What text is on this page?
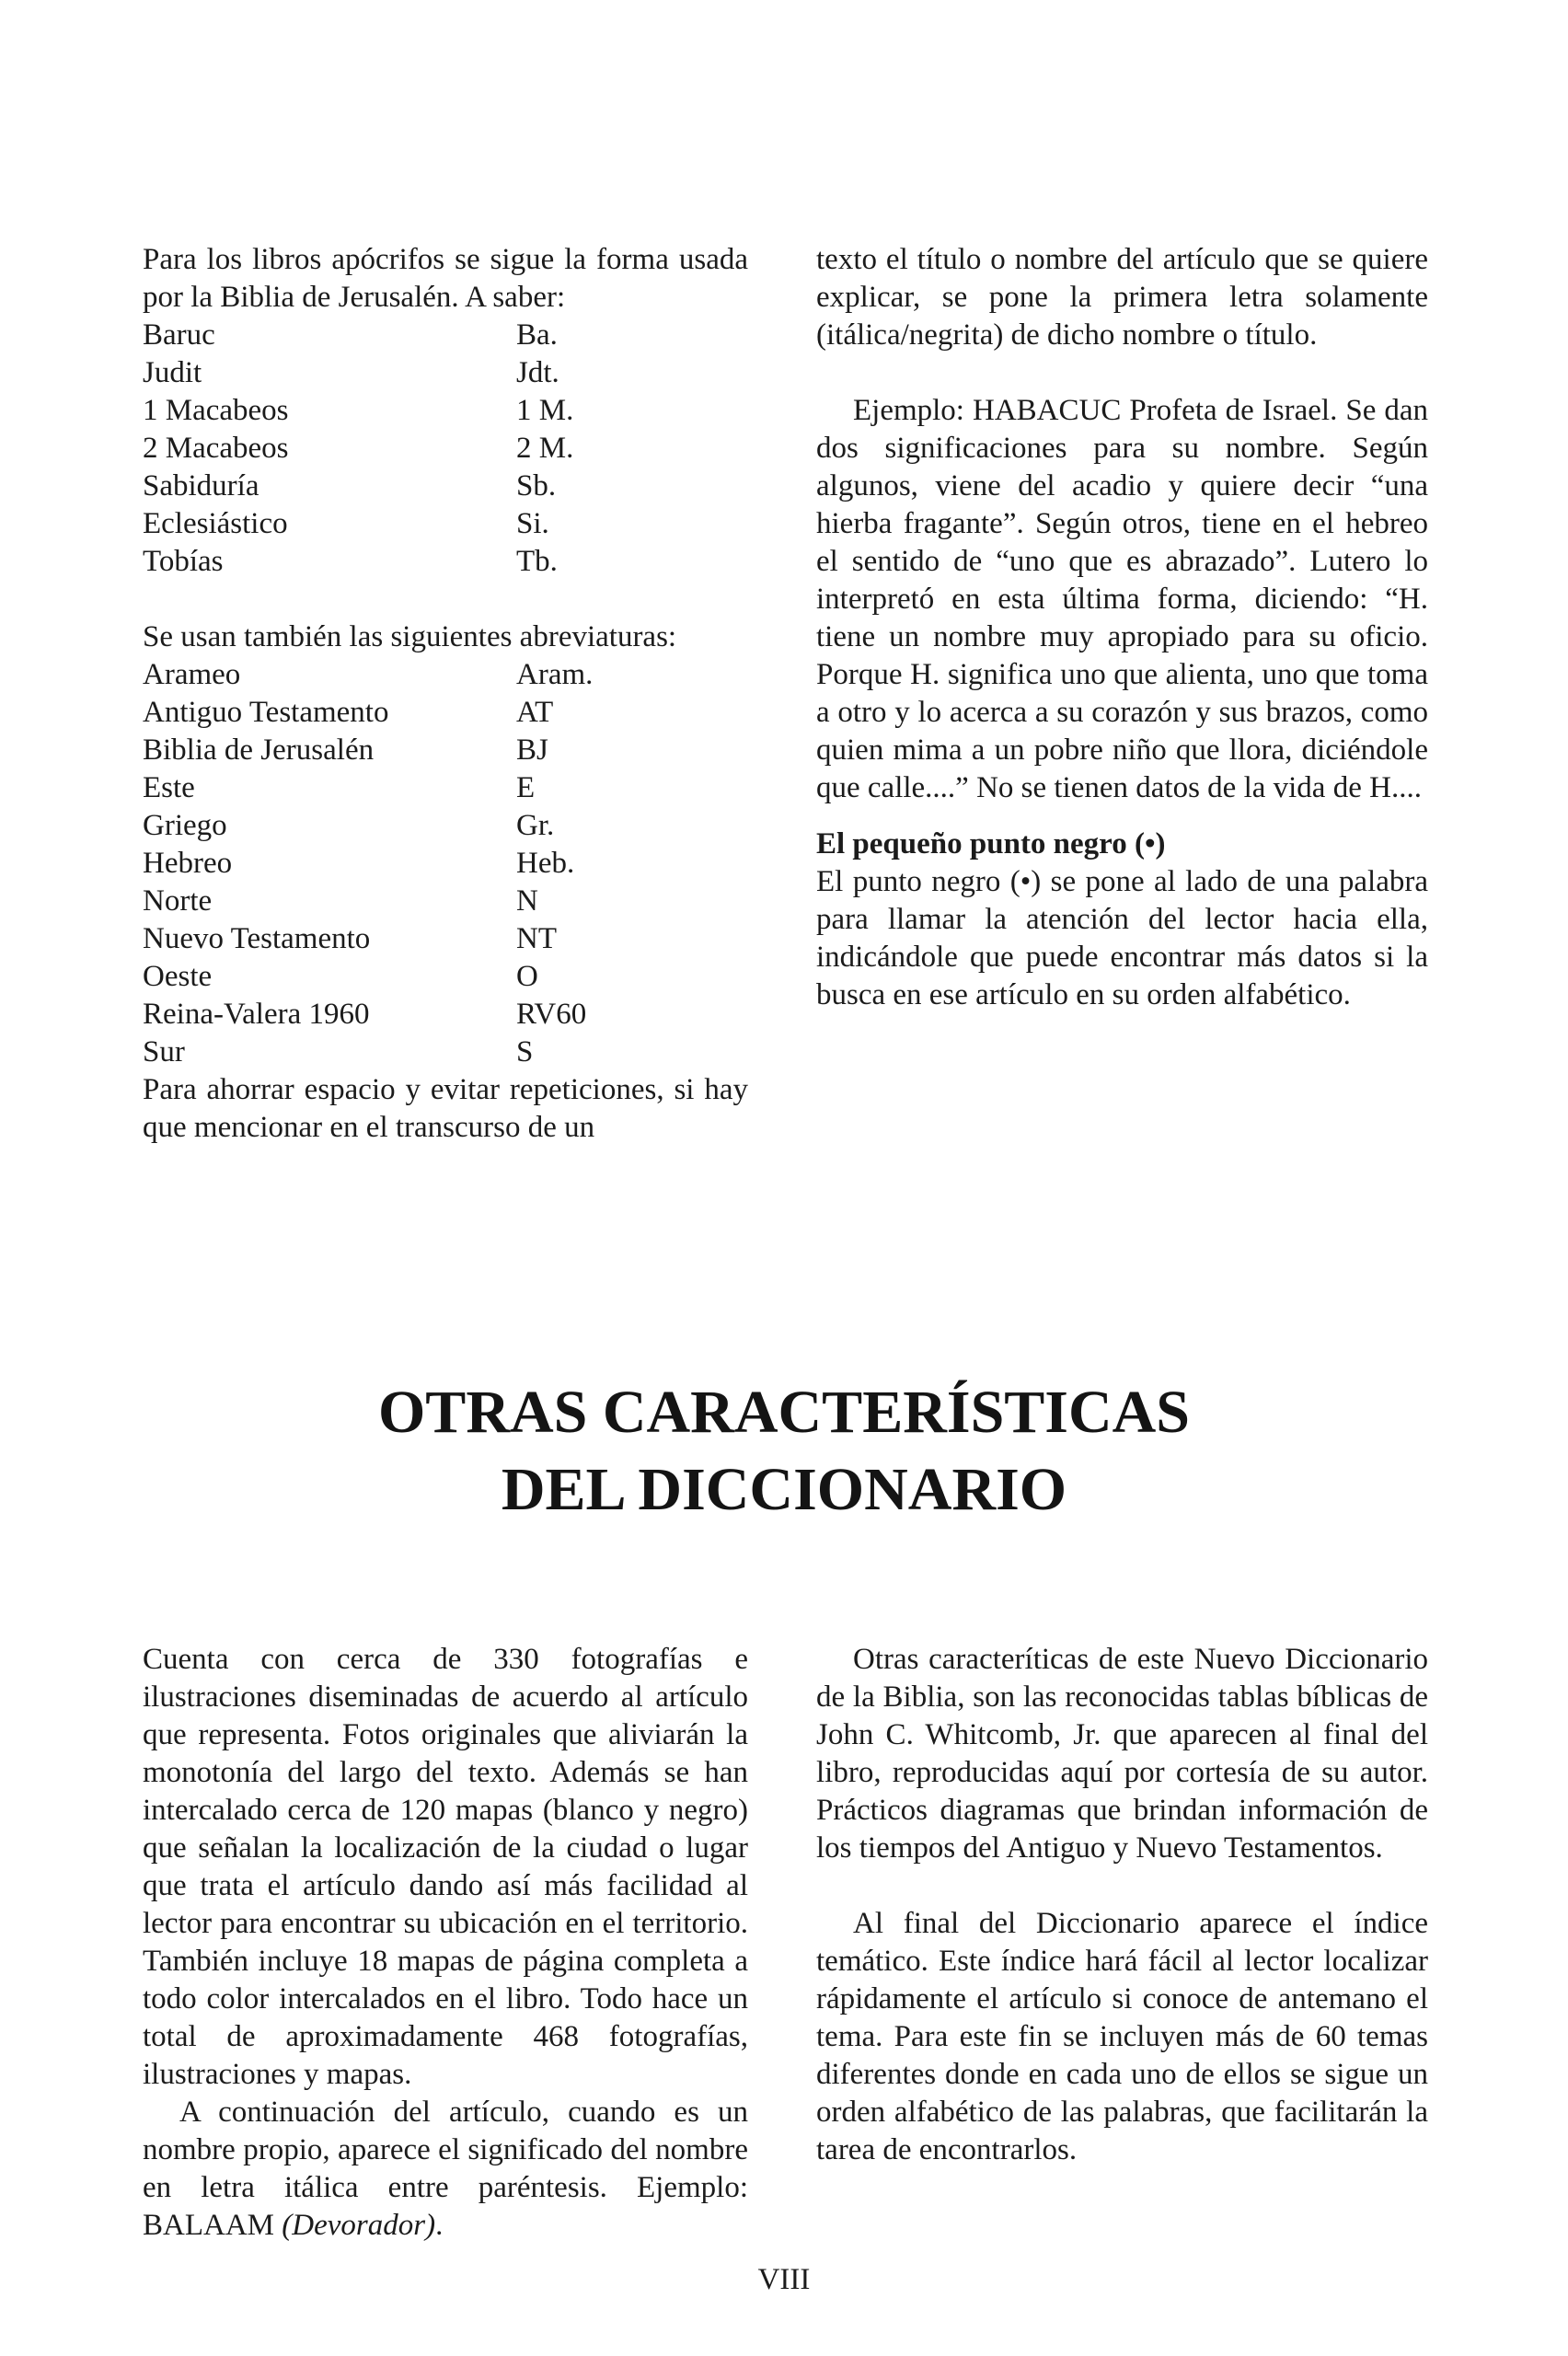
Para los libros apócrifos se sigue la forma usada por la Biblia de Jerusalén. A saber:

Baruc	Ba.
Judit	Jdt.
1 Macabeos	1 M.
2 Macabeos	2 M.
Sabiduría	Sb.
Eclesiástico	Si.
Tobías	Tb.

Se usan también las siguientes abreviaturas:

Arameo	Aram.
Antiguo Testamento	AT
Biblia de Jerusalén	BJ
Este	E
Griego	Gr.
Hebreo	Heb.
Norte	N
Nuevo Testamento	NT
Oeste	O
Reina-Valera 1960	RV60
Sur	S

Para ahorrar espacio y evitar repeticiones, si hay que mencionar en el transcurso de un

texto el título o nombre del artículo que se quiere explicar, se pone la primera letra solamente (itálica/negrita) de dicho nombre o título.

Ejemplo: HABACUC Profeta de Israel. Se dan dos significaciones para su nombre. Según algunos, viene del acadio y quiere decir “una hierba fragante”. Según otros, tiene en el hebreo el sentido de “uno que es abrazado”. Lutero lo interpretó en esta última forma, diciendo: “H. tiene un nombre muy apropiado para su oficio. Porque H. significa uno que alienta, uno que toma a otro y lo acerca a su corazón y sus brazos, como quien mima a un pobre niño que llora, diciéndole que calle....” No se tienen datos de la vida de H....

El pequeño punto negro (•)

El punto negro (•) se pone al lado de una palabra para llamar la atención del lector hacia ella, indicándole que puede encontrar más datos si la busca en ese artículo en su orden alfabético.

OTRAS CARACTERÍSTICAS
DEL DICCIONARIO

Cuenta con cerca de 330 fotografías e ilustraciones diseminadas de acuerdo al artículo que representa. Fotos originales que aliviarán la monotonía del largo del texto. Además se han intercalado cerca de 120 mapas (blanco y negro) que señalan la localización de la ciudad o lugar que trata el artículo dando así más facilidad al lector para encontrar su ubicación en el territorio. También incluye 18 mapas de página completa a todo color intercalados en el libro. Todo hace un total de aproximadamente 468 fotografías, ilustraciones y mapas.

A continuación del artículo, cuando es un nombre propio, aparece el significado del nombre en letra itálica entre paréntesis. Ejemplo: BALAAM (Devorador).

Otras caracteríticas de este Nuevo Diccionario de la Biblia, son las reconocidas tablas bíblicas de John C. Whitcomb, Jr. que aparecen al final del libro, reproducidas aquí por cortesía de su autor. Prácticos diagramas que brindan información de los tiempos del Antiguo y Nuevo Testamentos.

Al final del Diccionario aparece el índice temático. Este índice hará fácil al lector localizar rápidamente el artículo si conoce de antemano el tema. Para este fin se incluyen más de 60 temas diferentes donde en cada uno de ellos se sigue un orden alfabético de las palabras, que facilitarán la tarea de encontrarlos.

VIII
